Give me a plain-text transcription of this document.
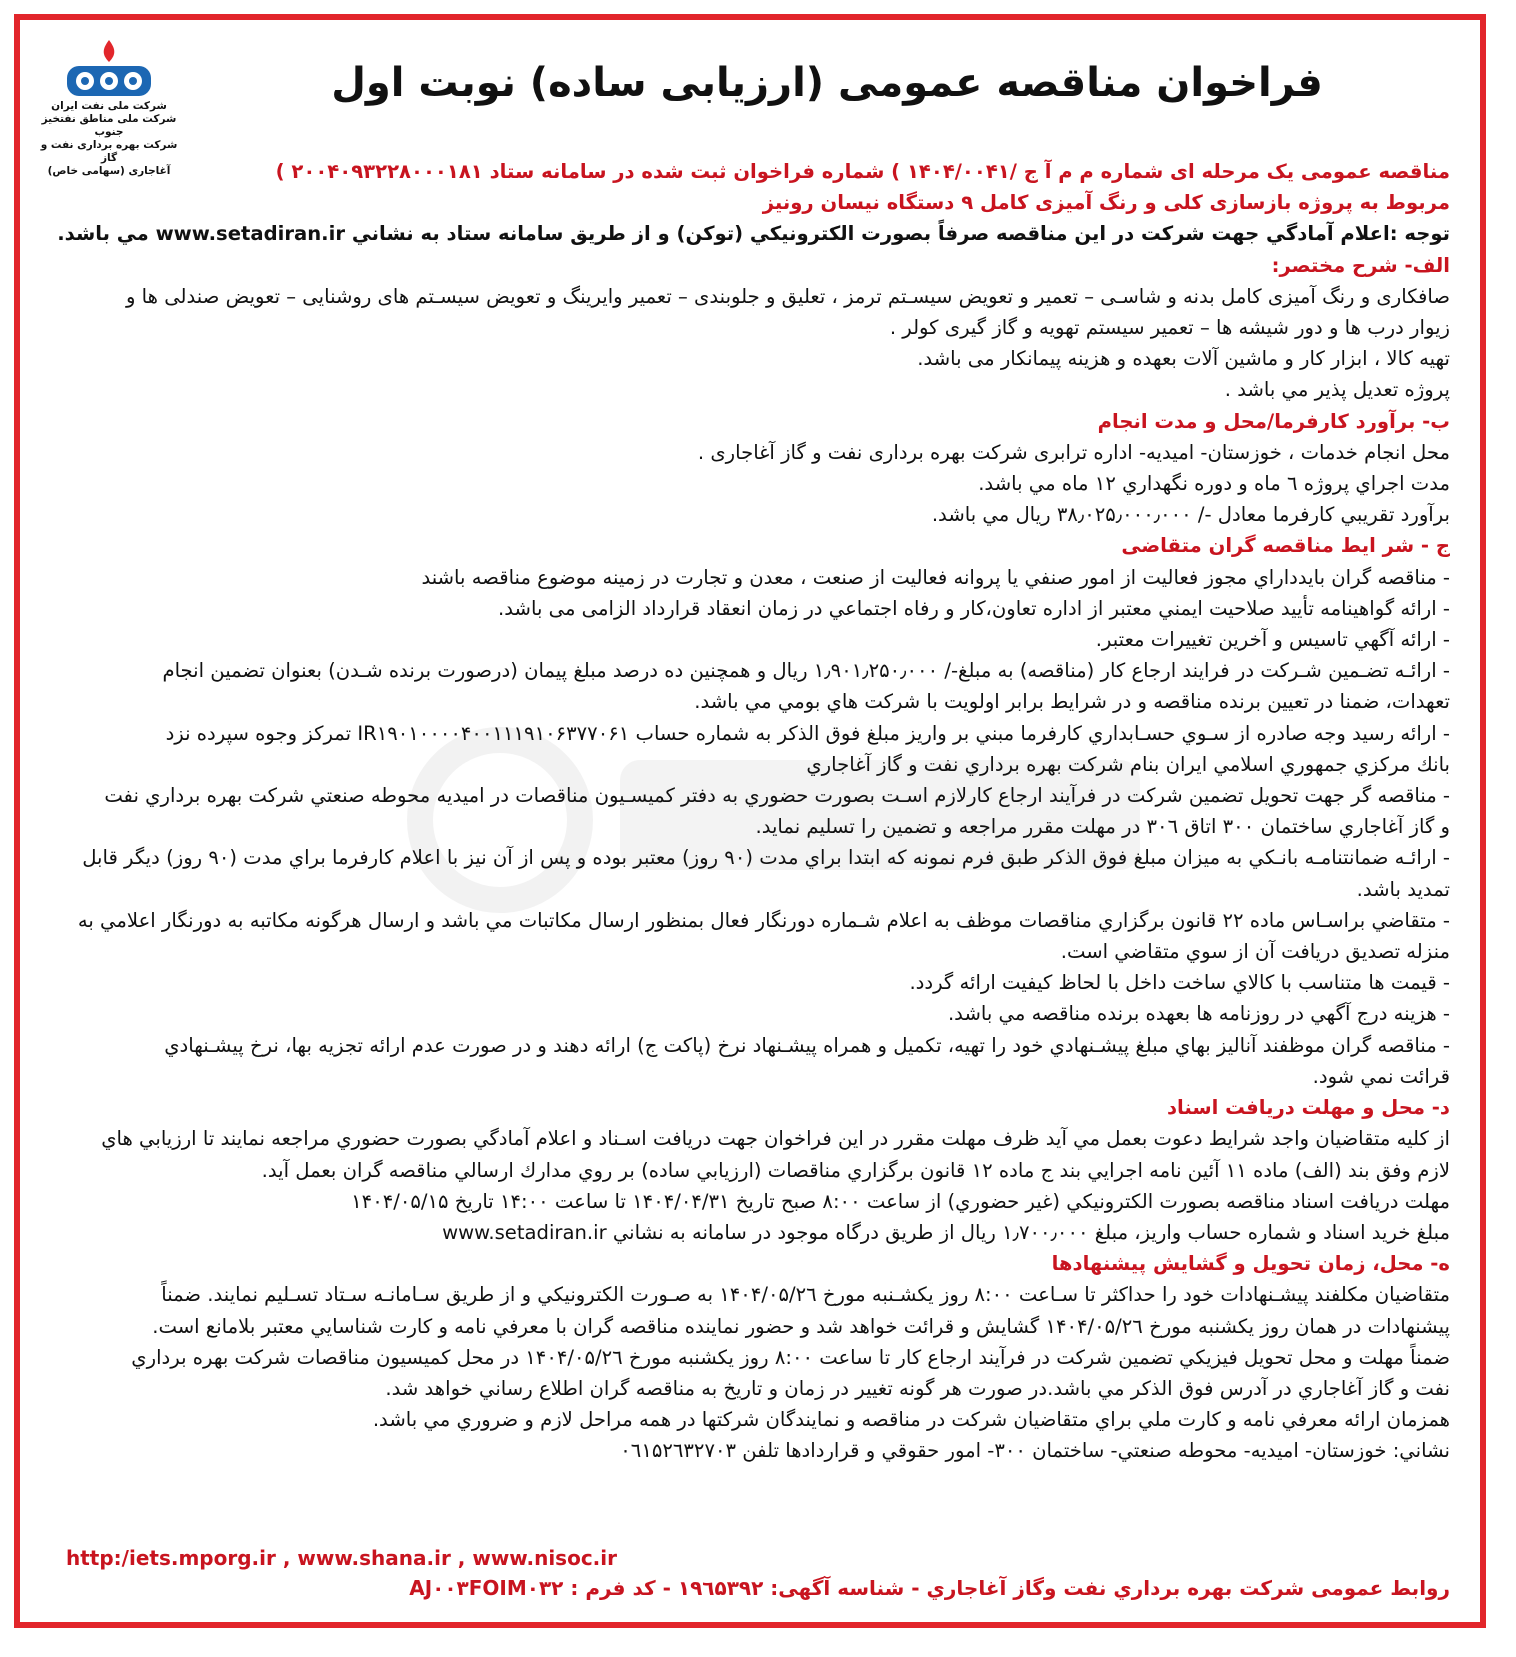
شرکت ملی نفت ایران
شرکت ملی مناطق نفتخیز جنوب
شرکت بهره برداری نفت و گاز
آغاجاری (سهامی خاص)
فراخوان مناقصه عمومی (ارزیابی ساده) نوبت اول
مناقصه عمومی یک مرحله ای شماره م م آ ج /۱۴۰۴/۰۰۴۱ ) شماره فراخوان ثبت شده در سامانه ستاد ۲۰۰۴۰۹۳۲۲۸۰۰۰۱۸۱ )
مربوط به پروژه بازسازی کلی و رنگ آمیزی کامل ۹ دستگاه نیسان رونیز
توجه :اعلام آمادگي جهت شركت در اين مناقصه صرفاً بصورت الكترونيكي (توكن) و از طريق سامانه ستاد به نشاني www.setadiran.ir مي باشد.
الف- شرح مختصر:
صافکاری و رنگ آمیزی کامل بدنه و شاسـی – تعمیر و تعویض سیسـتم ترمز ، تعلیق و جلوبندی – تعمیر وایرینگ و تعویض سیسـتم های روشنایی – تعویض صندلی ها و
زیوار درب ها و دور شیشه ها – تعمیر سیستم تهویه و گاز گیری کولر .
تهیه کالا ، ابزار کار و ماشین آلات بعهده و هزینه پیمانکار می باشد.
پروژه تعديل پذير مي باشد .
ب- برآورد کارفرما/محل و مدت انجام
محل انجام خدمات ، خوزستان- امیدیه- اداره ترابری شرکت بهره برداری نفت و گاز آغاجاری .
مدت اجراي پروژه ٦ ماه و دوره نگهداري ۱۲ ماه مي باشد.
برآورد تقريبي كارفرما معادل -/ ۳۸٫۰۲۵٫۰۰۰٫۰۰۰ ريال مي باشد.
ج - شر ایط مناقصه گران متقاضی
- مناقصه گران بايدداراي مجوز فعاليت از امور صنفي يا پروانه فعاليت از صنعت ، معدن و تجارت در زمينه موضوع مناقصه باشند
- ارائه گواهينامه تأييد صلاحيت ايمني معتبر از اداره تعاون،كار و رفاه اجتماعي در زمان انعقاد قرارداد الزامی می باشد.
- ارائه آگهي تاسيس و آخرين تغييرات معتبر.
- ارائـه تضـمين شـركت در فرايند ارجاع كار (مناقصه) به مبلغ-/ ۱٫۹۰۱٫۲۵۰٫۰۰۰ ريال و همچنين ده درصد مبلغ پيمان (درصورت برنده شـدن) بعنوان تضمين انجام
تعهدات، ضمنا در تعيين برنده مناقصه و در شرايط برابر اولويت با شركت هاي بومي مي باشد.
- ارائه رسيد وجه صادره از سـوي حسـابداري كارفرما مبني بر واريز مبلغ فوق الذكر به شماره حساب IR۱۹۰۱۰۰۰۰۴۰۰۱۱۱۹۱۰۶۳۷۷۰۶۱ تمركز وجوه سپرده نزد
بانك مركزي جمهوري اسلامي ايران بنام شركت بهره برداري نفت و گاز آغاجاري
- مناقصه گر جهت تحويل تضمين شركت در فرآيند ارجاع كارلازم اسـت بصورت حضوري به دفتر كميسـيون مناقصات در اميديه محوطه صنعتي شركت بهره برداري نفت
و گاز آغاجاري ساختمان ۳۰۰ اتاق ۳۰٦ در مهلت مقرر مراجعه و تضمين را تسليم نمايد.
- ارائـه ضمانتنامـه بانـكي به ميزان مبلغ فوق الذكر طبق فرم نمونه كه ابتدا براي مدت (۹۰ روز) معتبر بوده و پس از آن نيز با اعلام كارفرما براي مدت (۹۰ روز) ديگر قابل
تمديد باشد.
- متقاضي براسـاس ماده ۲۲ قانون برگزاري مناقصات موظف به اعلام شـماره دورنگار فعال بمنظور ارسال مكاتبات مي باشد و ارسال هرگونه مكاتبه به دورنگار اعلامي به
منزله تصديق دريافت آن از سوي متقاضي است.
- قيمت ها متناسب با كالاي ساخت داخل با لحاظ كيفيت ارائه گردد.
- هزينه درج آگهي در روزنامه ها بعهده برنده مناقصه مي باشد.
- مناقصه گران موظفند آناليز بهاي مبلغ پيشـنهادي خود را تهيه، تكميل و همراه پيشـنهاد نرخ (پاكت ج) ارائه دهند و در صورت عدم ارائه تجزيه بها، نرخ پيشـنهادي
قرائت نمي شود.
د- محل و مهلت دریافت اسناد
از كليه متقاضيان واجد شرايط دعوت بعمل مي آيد ظرف مهلت مقرر در اين فراخوان جهت دريافت اسـناد و اعلام آمادگي بصورت حضوري مراجعه نمايند تا ارزيابي هاي
لازم وفق بند (الف) ماده ۱۱ آئين نامه اجرايي بند ج ماده ۱۲ قانون برگزاري مناقصات (ارزيابي ساده) بر روي مدارك ارسالي مناقصه گران بعمل آيد.
مهلت دريافت اسناد مناقصه بصورت الكترونيكي (غير حضوري) از ساعت ۸:۰۰ صبح تاريخ ۱۴۰۴/۰۴/۳۱ تا ساعت ۱۴:۰۰ تاريخ ۱۴۰۴/۰۵/۱۵
مبلغ خريد اسناد و شماره حساب واريز، مبلغ ۱٫۷۰۰٫۰۰۰ ريال از طريق درگاه موجود در سامانه به نشاني www.setadiran.ir
ه- محل، زمان تحويل و گشايش پيشنهادها
متقاضيان مكلفند پيشـنهادات خود را حداكثر تا سـاعت ۸:۰۰ روز يكشـنبه مورخ ۱۴۰۴/۰۵/۲٦ به صـورت الكترونيكي و از طريق سـامانـه سـتاد تسـليم نمايند. ضمناً
پيشنهادات در همان روز يكشنبه مورخ ۱۴۰۴/۰۵/۲٦ گشايش و قرائت خواهد شد و حضور نماينده مناقصه گران با معرفي نامه و كارت شناسايي معتبر بلامانع است.
ضمناً مهلت و محل تحويل فيزيكي تضمين شركت در فرآيند ارجاع كار تا ساعت ۸:۰۰ روز يكشنبه مورخ ۱۴۰۴/۰۵/۲٦ در محل كميسيون مناقصات شركت بهره برداري
نفت و گاز آغاجاري در آدرس فوق الذكر مي باشد.در صورت هر گونه تغيير در زمان و تاريخ به مناقصه گران اطلاع رساني خواهد شد.
همزمان ارائه معرفي نامه و كارت ملي براي متقاضيان شركت در مناقصه و نمايندگان شركتها در همه مراحل لازم و ضروري مي باشد.
نشاني: خوزستان- اميديه- محوطه صنعتي- ساختمان ۳۰۰- امور حقوقي و قراردادها تلفن ۰٦۱۵۲٦۳۲۷۰۳
http:/iets.mporg.ir , www.shana.ir , www.nisoc.ir
روابط عمومی شرکت بهره برداري نفت وگاز آغاجاري - شناسه آگهی: ۱۹٦۵۳۹۲ - کد فرم : AJ۰۰۳FOIM۰۳۲
